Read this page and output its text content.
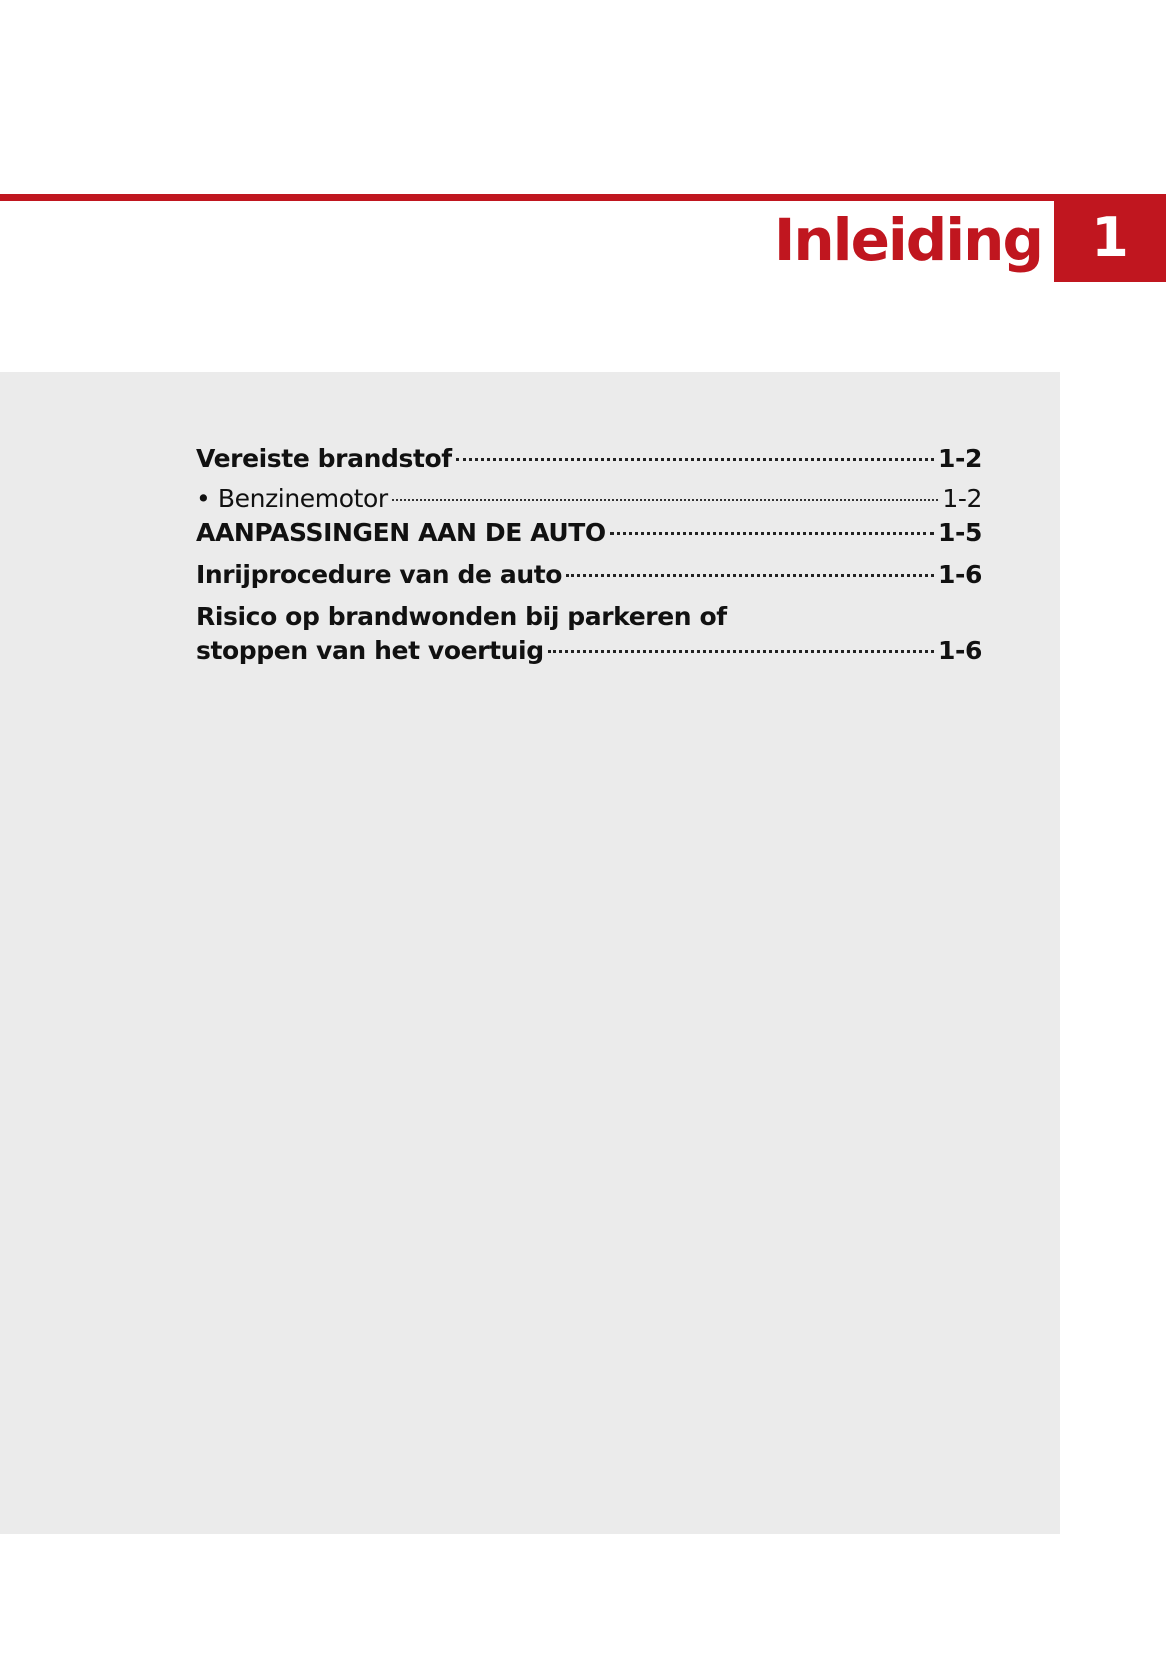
Inleiding 1
Vereiste brandstof	1-2
• Benzinemotor	1-2
AANPASSINGEN AAN DE AUTO	1-5
Inrijprocedure van de auto	1-6
Risico op brandwonden bij parkeren of
stoppen van het voertuig	1-6
